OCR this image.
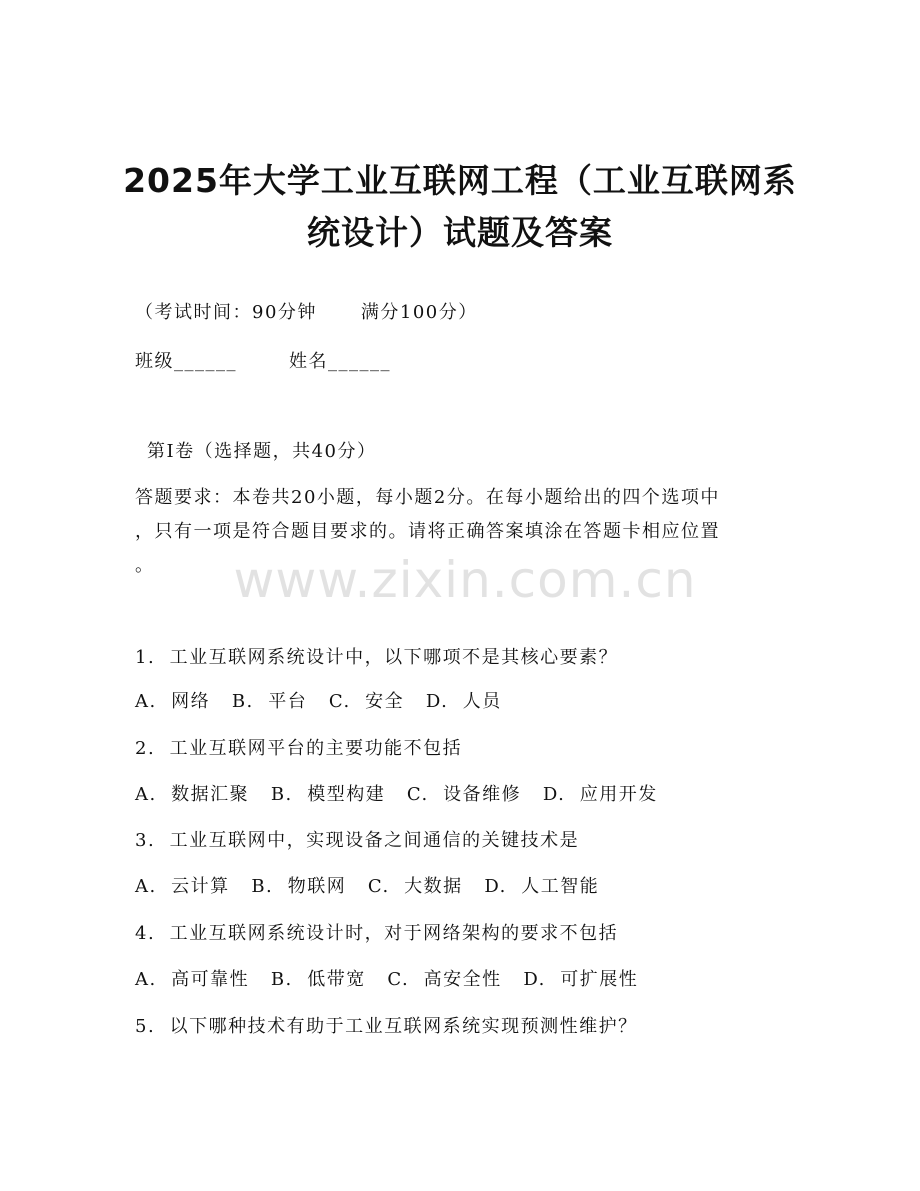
2025年大学工业互联网工程（工业互联网系
统设计）试题及答案
（考试时间：90分钟 满分100分）
班级______	姓名______
第I卷（选择题，共40分）
答题要求：本卷共20小题，每小题2分。在每小题给出的四个选项中
，只有一项是符合题目要求的。请将正确答案填涂在答题卡相应位置
。 www.zixin.com.cn
1.  工业互联网系统设计中，以下哪项不是其核心要素？
A.  网络   B.  平台   C.  安全   D.  人员
2.  工业互联网平台的主要功能不包括
A.  数据汇聚   B.  模型构建   C.  设备维修   D.  应用开发
3.  工业互联网中，实现设备之间通信的关键技术是
A.  云计算   B.  物联网   C.  大数据   D.  人工智能
4.  工业互联网系统设计时，对于网络架构的要求不包括
A.  高可靠性   B.  低带宽   C.  高安全性   D.  可扩展性
5.  以下哪种技术有助于工业互联网系统实现预测性维护？
